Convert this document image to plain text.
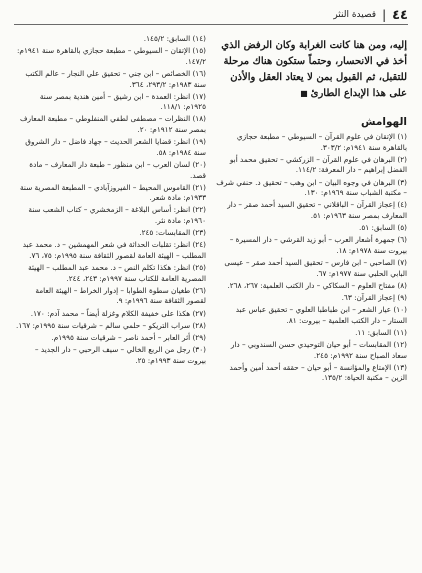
٤٤
|
قصيدة النثر

إليه، ومن هنا كانت الغرابة وكان الرفض الذي أخذ في الانحسار، وحتماً ستكون هناك مرحلة للتقبل، ثم القبول بمن لا يعتاد العقل والأذن على هذا الإبداع الطارئ■

الهوامش
(١) الإتقان في علوم القرآن – السيوطي – مطبعة حجازي بالقاهرة سنة ١٩٤١م: ٣٠٣/٢.
(٢) البرهان في علوم القرآن – الزركشي – تحقيق محمد أبو الفضل إبراهيم – دار المعرفة: ١١٤/٢.
(٣) البرهان في وجوه البيان – ابن وهب – تحقيق د. حنفي شرف – مكتبة الشباب سنة ١٩٦٩م: ١٣٠.
(٤) إعجاز القرآن – الباقلاني – تحقيق السيد أحمد صقر – دار المعارف بمصر سنة ١٩٦٣م: ٥١.
(٥) السابق: ٥١.
(٦) جمهرة أشعار العرب – أبو زيد القرشي – دار المسيرة – بيروت سنة ١٩٧٨م: ١٨.
(٧) الصاحبي – ابن فارس – تحقيق السيد أحمد صقر – عيسى البابي الحلبي سنة ١٩٧٧م: ٦٧.
(٨) مفتاح العلوم – السكاكي – دار الكتب العلمية: ٢٦٧، ٢٦٨.
(٩) إعجاز القرآن: ٦٣.
(١٠) عيار الشعر – ابن طباطبا العلوي – تحقيق عباس عبد الستار – دار الكتب العلمية – بيروت: ٨١.
(١١) السابق: ١١.
(١٢) المقابسات – أبو حيان التوحيدي حسن السندوبي – دار سعاد الصباح سنة ١٩٩٢م: ٢٤٥.
(١٣) الإمتاع والمؤانسة – أبو حيان – حققه أحمد أمين وأحمد الزين – مكتبة الحياة: ١٣٥/٢.
(١٤) السابق: ١٤٥/٢.
(١٥) الإتقان – السيوطي – مطبعة حجازي بالقاهرة سنة ١٩٤١م: ١٤٧/٢.
(١٦) الخصائص – ابن جني – تحقيق علي النجار – عالم الكتب سنة ١٩٨٣م: ٢٩٣/٢، ٣٦٤.
(١٧) انظر: العمدة – ابن رشيق – أمين هندية بمصر سنة ١٩٢٥م: ١١٨/١.
(١٨) النظرات – مصطفى لطفي المنفلوطي – مطبعة المعارف بمصر سنة ١٩١٢م: ٢٠.
(١٩) انظر: قضايا الشعر الحديث – جهاد فاضل – دار الشروق سنة ١٩٨٤م: ٥٨.
(٢٠) لسان العرب – ابن منظور – طبعة دار المعارف – مادة قصد.
(٢١) القاموس المحيط – الفيروزآبادي – المطبعة المصرية سنة ١٩٣٣م: مادة شعر.
(٢٢) انظر: أساس البلاغة – الزمخشري – كتاب الشعب سنة ١٩٦٠م: مادة نثر.
(٢٣) المقابسات: ٢٤٥.
(٢٤) انظر: تقلبات الحداثة في شعر المهمشين – د. محمد عبد المطلب – الهيئة العامة لقصور الثقافة سنة ١٩٩٥م: ٧٥، ٧٦.
(٢٥) انظر: هكذا تكلم النص – د. محمد عبد المطلب – الهيئة المصرية العامة للكتاب سنة ١٩٩٧م: ٢٤٣، ٢٤٤.
(٢٦) طغيان سطوة الطوابا – إدوار الخراط – الهيئة العامة لقصور الثقافة سنة ١٩٩٦م: ٩.
(٢٧) هكذا على خفيفة الكلام وغزلة أيضاً – محمد آدم: ١٧٠.
(٢٨) سراب التريكو – حلمي سالم – شرقيات سنة ١٩٩٥م: ١٦٧.
(٢٩) أثر العابر – أحمد ناصر – شرقيات سنة ١٩٩٥م.
(٣٠) رجل من الربع الخالي – سيف الرحبي – دار الجديد – بيروت سنة ١٩٩٣م: ٢٥.
